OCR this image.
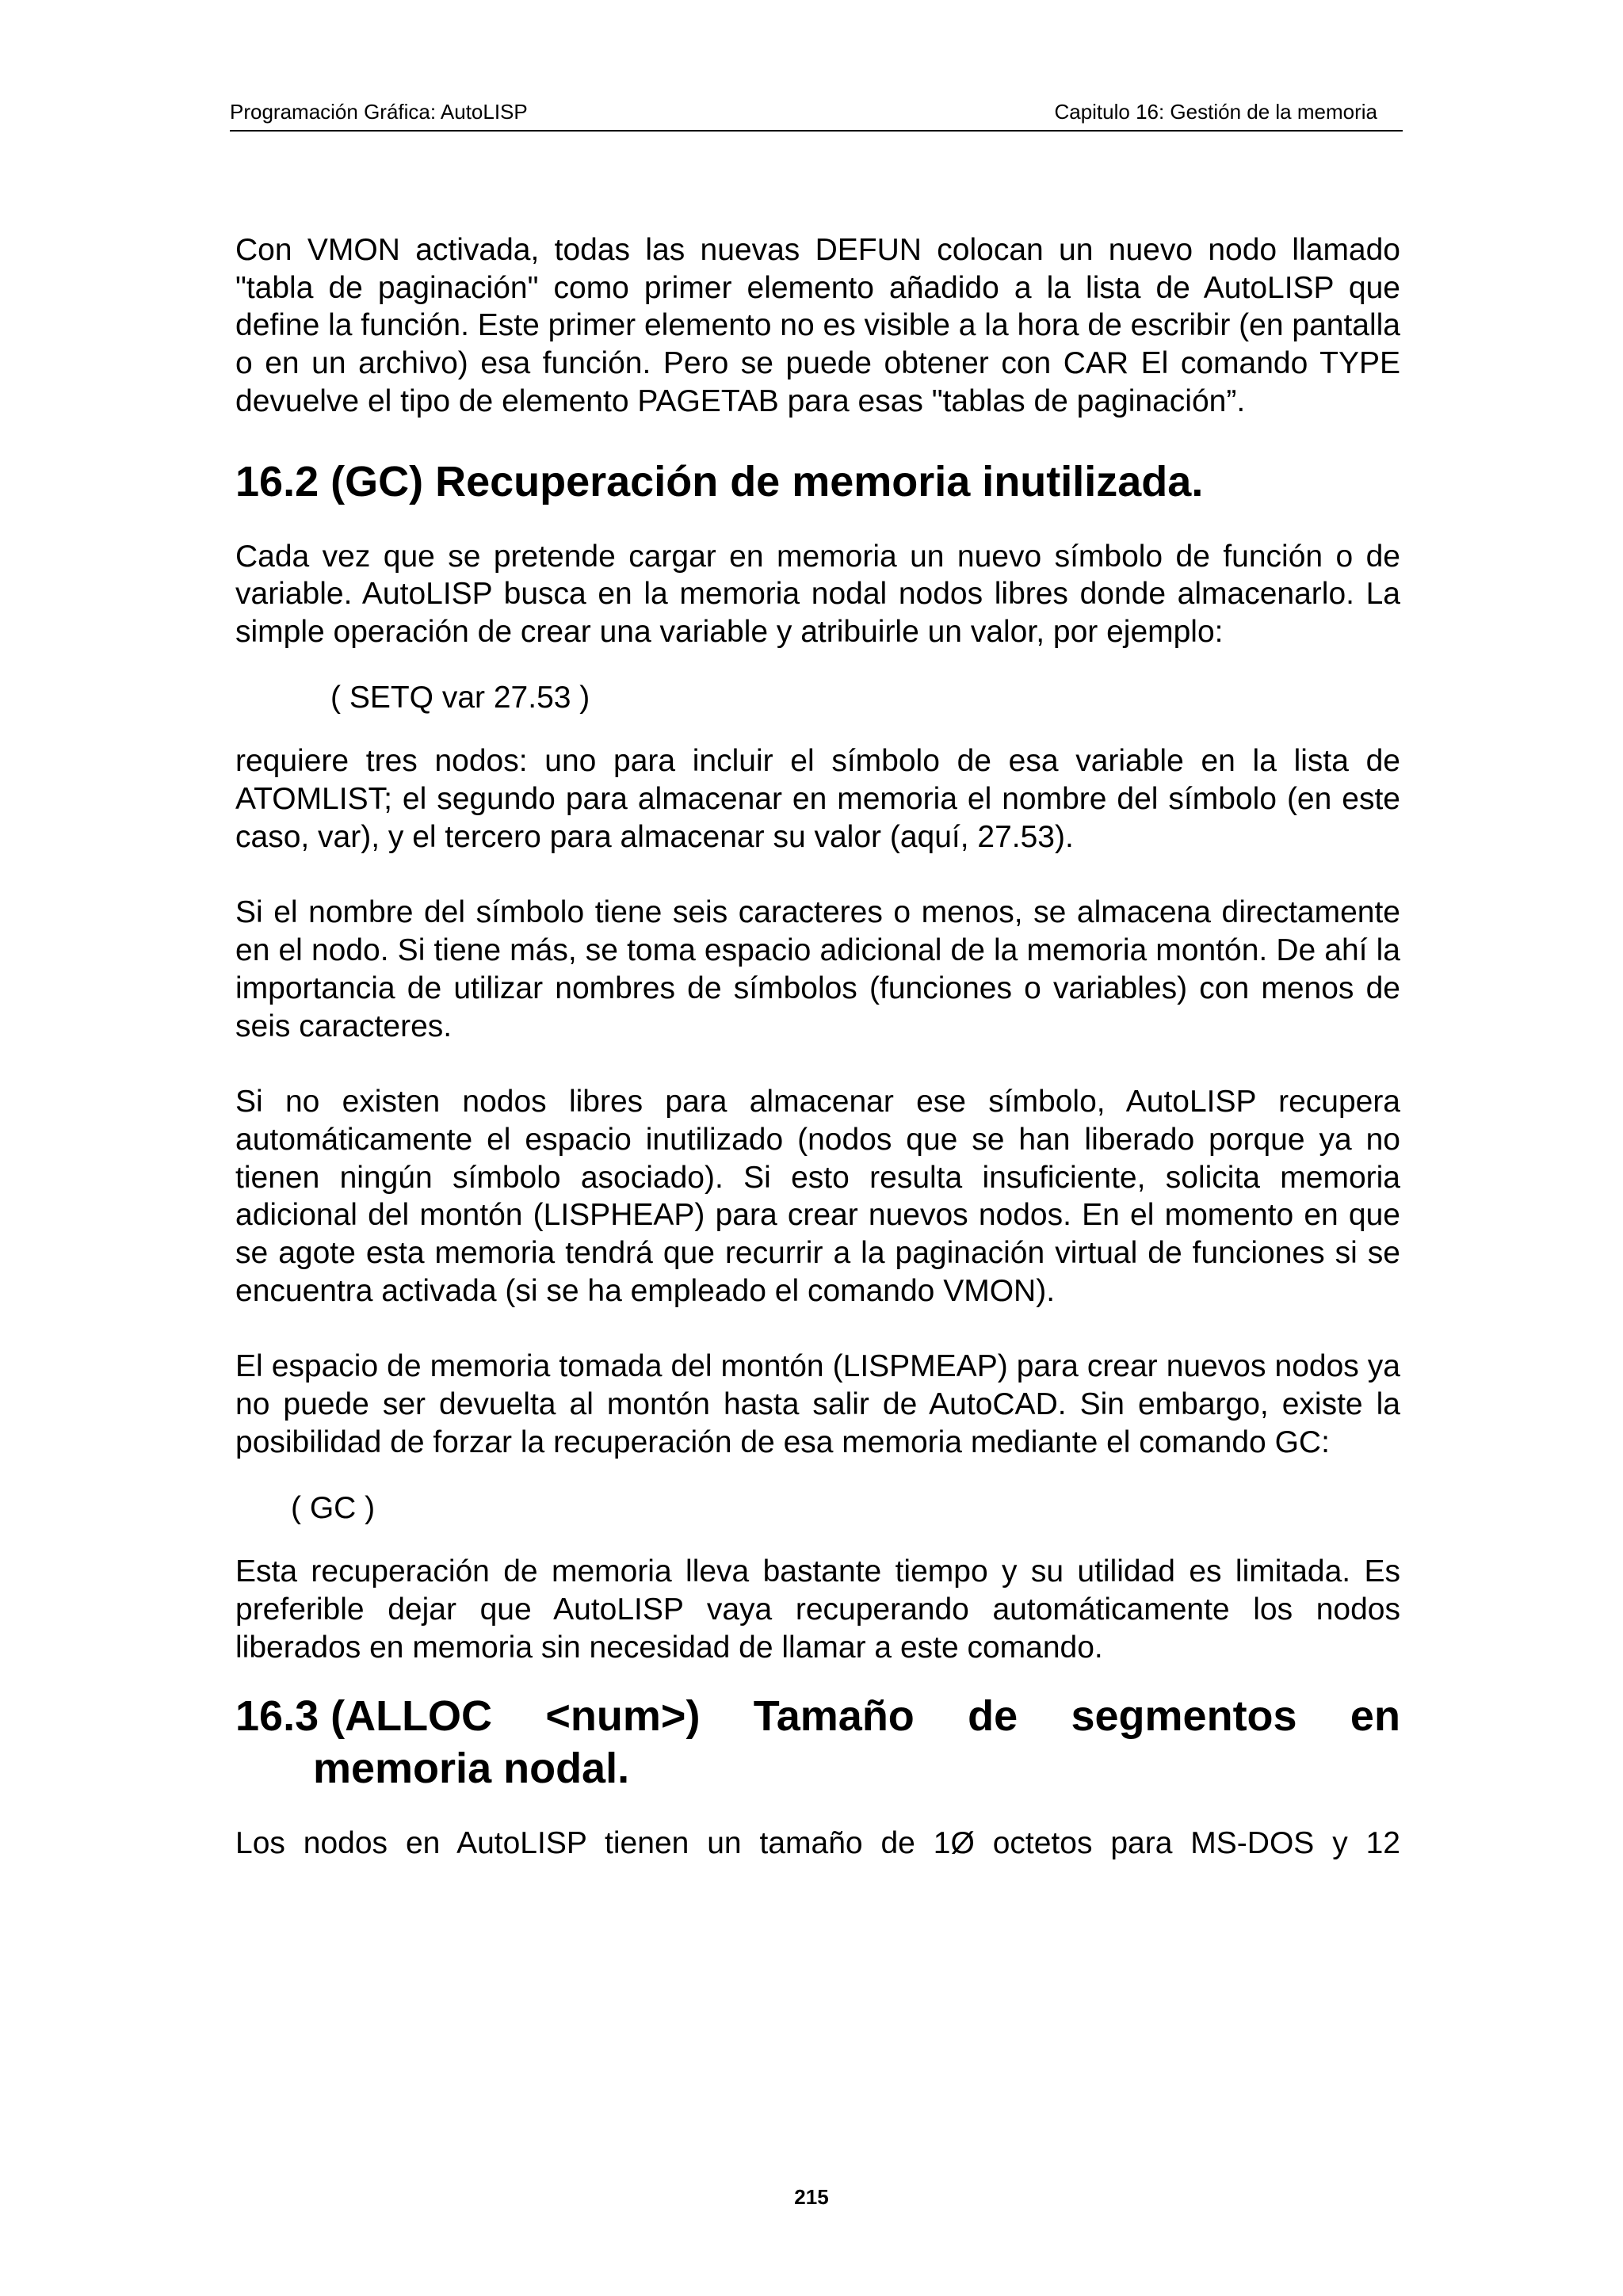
Programación Gráfica: AutoLISP	Capitulo 16: Gestión de la memoria

Con VMON activada, todas las nuevas DEFUN colocan un nuevo nodo llamado "tabla de paginación" como primer elemento añadido a la lista de AutoLISP que define la función. Este primer elemento no es visible a la hora de escribir (en pantalla o en un archivo) esa función. Pero se puede obtener con CAR El comando TYPE devuelve el tipo de elemento PAGETAB para esas "tablas de paginación”.

16.2 (GC) Recuperación de memoria inutilizada.

Cada vez que se pretende cargar en memoria un nuevo símbolo de función o de variable. AutoLISP busca en la memoria nodal nodos libres donde almacenarlo. La simple operación de crear una variable y atribuirle un valor, por ejemplo:

( SETQ var 27.53 )

requiere tres nodos: uno para incluir el símbolo de esa variable en la lista de ATOMLIST; el segundo para almacenar en memoria el nombre del símbolo (en este caso, var), y el tercero para almacenar su valor (aquí, 27.53).

Si el nombre del símbolo tiene seis caracteres o menos, se almacena directamente en el nodo. Si tiene más, se toma espacio adicional de la memoria montón. De ahí la importancia de utilizar nombres de símbolos (funciones o variables) con menos de seis caracteres.

Si no existen nodos libres para almacenar ese símbolo, AutoLISP recupera automáticamente el espacio inutilizado (nodos que se han liberado porque ya no tienen ningún símbolo asociado). Si esto resulta insuficiente, solicita memoria adicional del montón (LISPHEAP) para crear nuevos nodos. En el momento en que se agote esta memoria tendrá que recurrir a la paginación virtual de funciones si se encuentra activada (si se ha empleado el comando VMON).

El espacio de memoria tomada del montón (LISPMEAP) para crear nuevos nodos ya no puede ser devuelta al montón hasta salir de AutoCAD. Sin embargo, existe la posibilidad de forzar la recuperación de esa memoria mediante el comando GC:

( GC )

Esta recuperación de memoria lleva bastante tiempo y su utilidad es limitada. Es preferible dejar que AutoLISP vaya recuperando automáticamente los nodos liberados en memoria sin necesidad de llamar a este comando.

16.3 (ALLOC <num>) Tamaño de segmentos en
memoria nodal.

Los nodos en AutoLISP tienen un tamaño de 1Ø octetos para MS-DOS y 12

215
